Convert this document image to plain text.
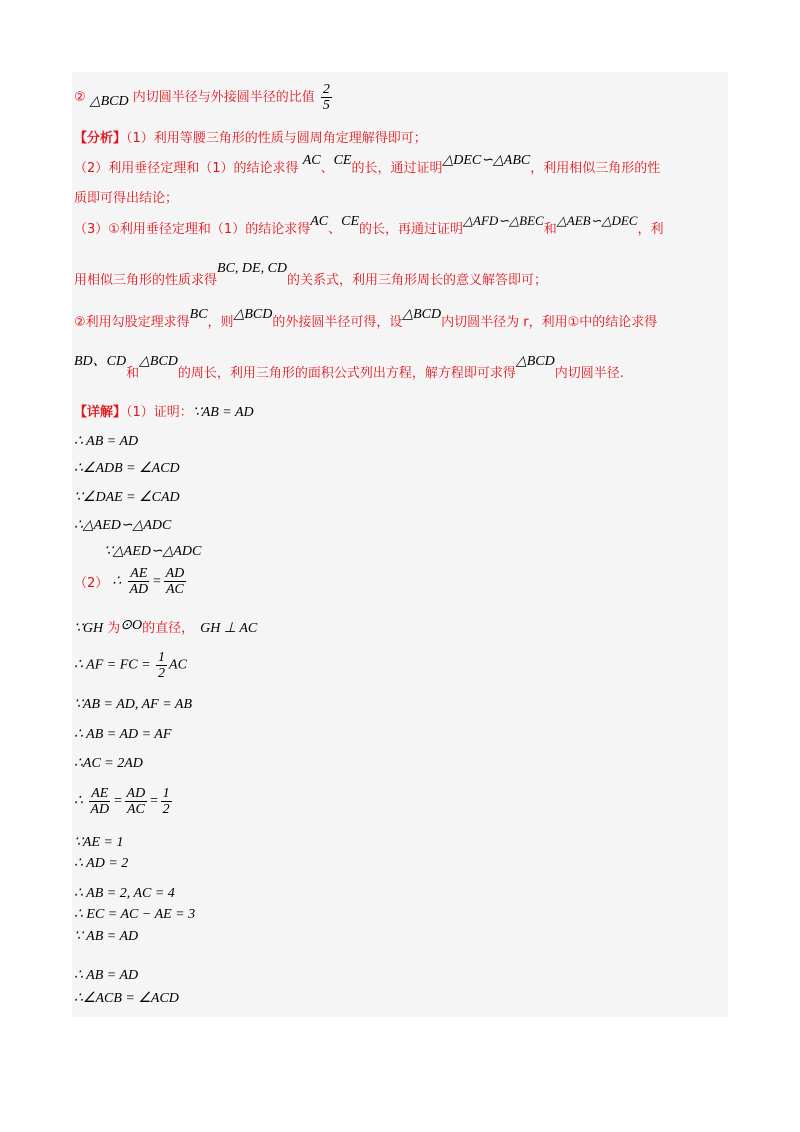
② △BCD 内切圆半径与外接圆半径的比值 $\frac{2}{5}$
【分析】（1）利用等腰三角形的性质与圆周角定理解得即可；
（2）利用垂径定理和（1）的结论求得 AC、CE的长，通过证明△DEC∽△ABC，利用相似三角形的性
质即可得出结论；
（3）①利用垂径定理和（1）的结论求得AC、CE的长，再通过证明△AFD∽△BEC和△AEB∽△DEC，利
用相似三角形的性质求得BC, DE, CD的关系式，利用三角形周长的意义解答即可；
②利用勾股定理求得BC，则△BCD的外接圆半径可得，设△BCD内切圆半径为 r，利用①中的结论求得
BD、CD和△BCD的周长，利用三角形的面积公式列出方程，解方程即可求得△BCD内切圆半径.
【详解】（1）证明：∵AB = AD
∴ AB = AD
∴∠ADB = ∠ACD
∵∠DAE = ∠CAD
∴△AED∽△ADC
∵△AED∽△ADC
（2） ∴ $\frac{AE}{AD} = \frac{AD}{AC}$
∵GH 为⊙O的直径， GH ⊥ AC
∴ AF = FC = $\frac{1}{2}$ AC
∵AB = AD, AF = AB
∴ AB = AD = AF
∴AC = 2AD
∴ $\frac{AE}{AD} = \frac{AD}{AC} = \frac{1}{2}$
∵AE = 1
∴ AD = 2
∴ AB = 2, AC = 4
∴ EC = AC − AE = 3
∵ AB = AD
∴ AB = AD
∴∠ACB = ∠ACD
